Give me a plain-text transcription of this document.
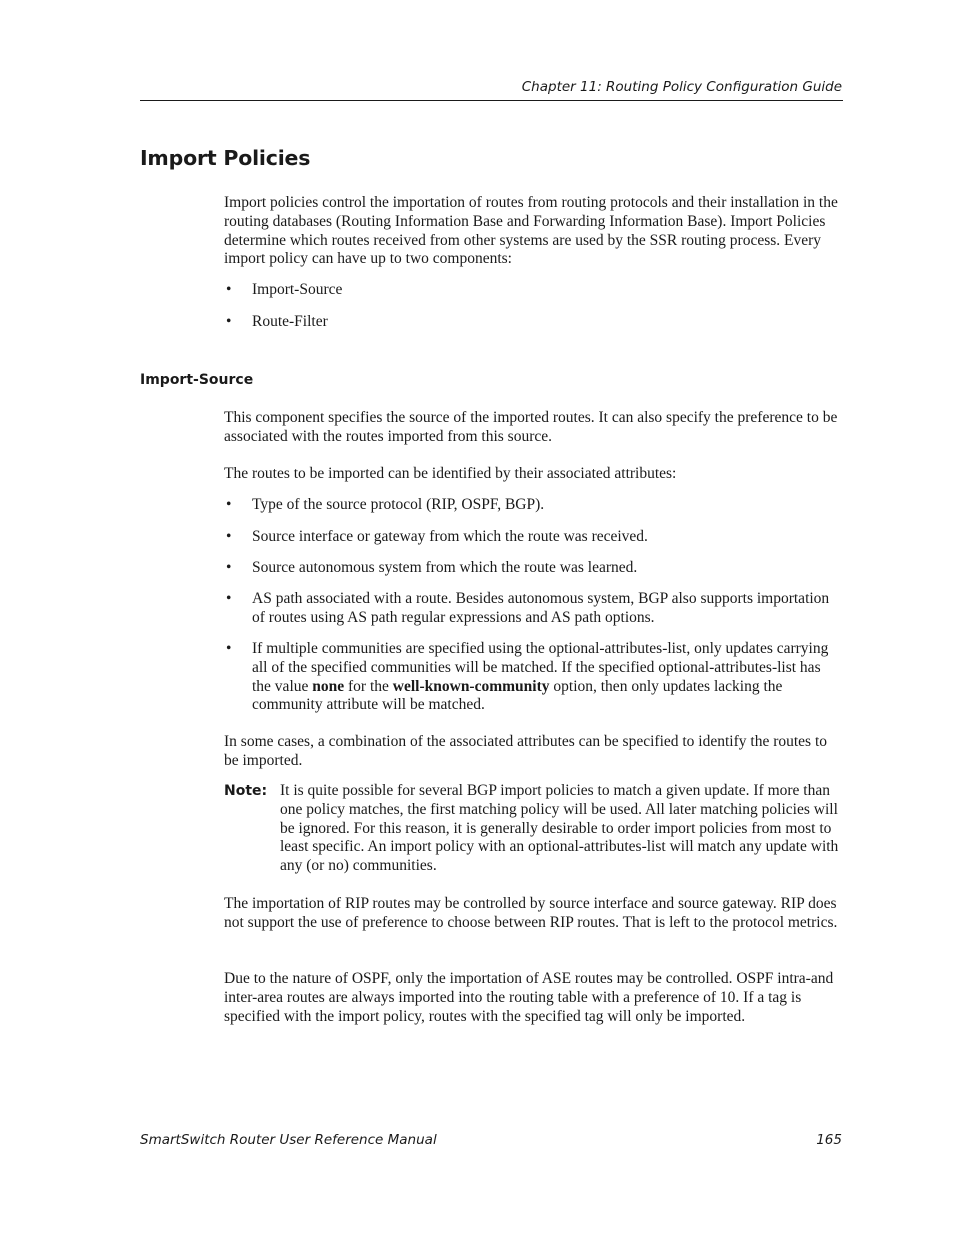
Chapter 11: Routing Policy Configuration Guide
Import Policies

Import policies control the importation of routes from routing protocols and their installation in the routing databases (Routing Information Base and Forwarding Information Base). Import Policies determine which routes received from other systems are used by the SSR routing process. Every import policy can have up to two components:

• Import-Source
• Route-Filter
Import-Source

This component specifies the source of the imported routes. It can also specify the preference to be associated with the routes imported from this source.

The routes to be imported can be identified by their associated attributes:

• Type of the source protocol (RIP, OSPF, BGP).
• Source interface or gateway from which the route was received.
• Source autonomous system from which the route was learned.
• AS path associated with a route. Besides autonomous system, BGP also supports importation of routes using AS path regular expressions and AS path options.
• If multiple communities are specified using the optional-attributes-list, only updates carrying all of the specified communities will be matched. If the specified optional-attributes-list has the value none for the well-known-community option, then only updates lacking the community attribute will be matched.

In some cases, a combination of the associated attributes can be specified to identify the routes to be imported.

Note: It is quite possible for several BGP import policies to match a given update. If more than one policy matches, the first matching policy will be used. All later matching policies will be ignored. For this reason, it is generally desirable to order import policies from most to least specific. An import policy with an optional-attributes-list will match any update with any (or no) communities.

The importation of RIP routes may be controlled by source interface and source gateway. RIP does not support the use of preference to choose between RIP routes. That is left to the protocol metrics.

Due to the nature of OSPF, only the importation of ASE routes may be controlled. OSPF intra-and inter-area routes are always imported into the routing table with a preference of 10. If a tag is specified with the import policy, routes with the specified tag will only be imported.

SmartSwitch Router User Reference Manual	165
